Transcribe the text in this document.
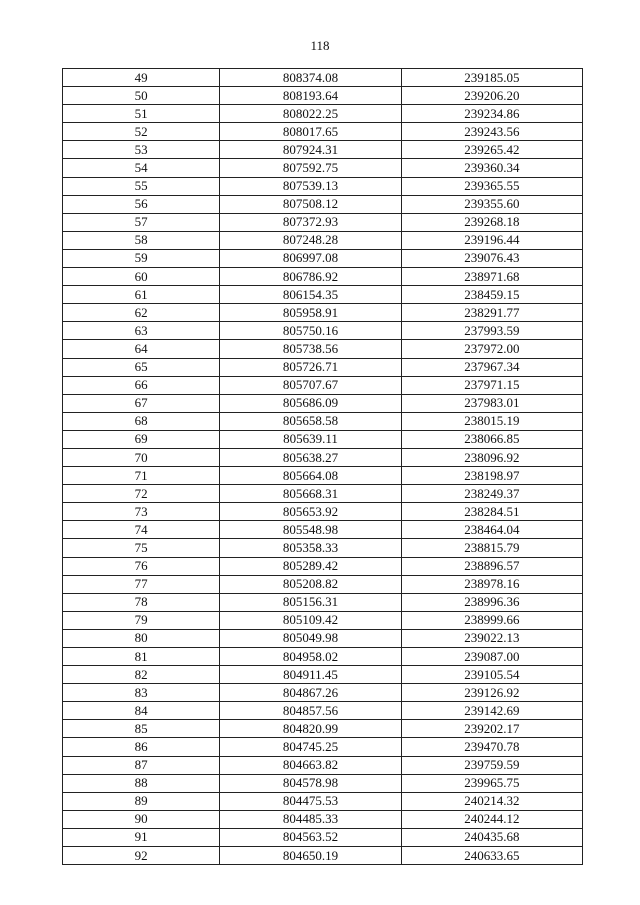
118
49	808374.08	239185.05
50	808193.64	239206.20
51	808022.25	239234.86
52	808017.65	239243.56
53	807924.31	239265.42
54	807592.75	239360.34
55	807539.13	239365.55
56	807508.12	239355.60
57	807372.93	239268.18
58	807248.28	239196.44
59	806997.08	239076.43
60	806786.92	238971.68
61	806154.35	238459.15
62	805958.91	238291.77
63	805750.16	237993.59
64	805738.56	237972.00
65	805726.71	237967.34
66	805707.67	237971.15
67	805686.09	237983.01
68	805658.58	238015.19
69	805639.11	238066.85
70	805638.27	238096.92
71	805664.08	238198.97
72	805668.31	238249.37
73	805653.92	238284.51
74	805548.98	238464.04
75	805358.33	238815.79
76	805289.42	238896.57
77	805208.82	238978.16
78	805156.31	238996.36
79	805109.42	238999.66
80	805049.98	239022.13
81	804958.02	239087.00
82	804911.45	239105.54
83	804867.26	239126.92
84	804857.56	239142.69
85	804820.99	239202.17
86	804745.25	239470.78
87	804663.82	239759.59
88	804578.98	239965.75
89	804475.53	240214.32
90	804485.33	240244.12
91	804563.52	240435.68
92	804650.19	240633.65
